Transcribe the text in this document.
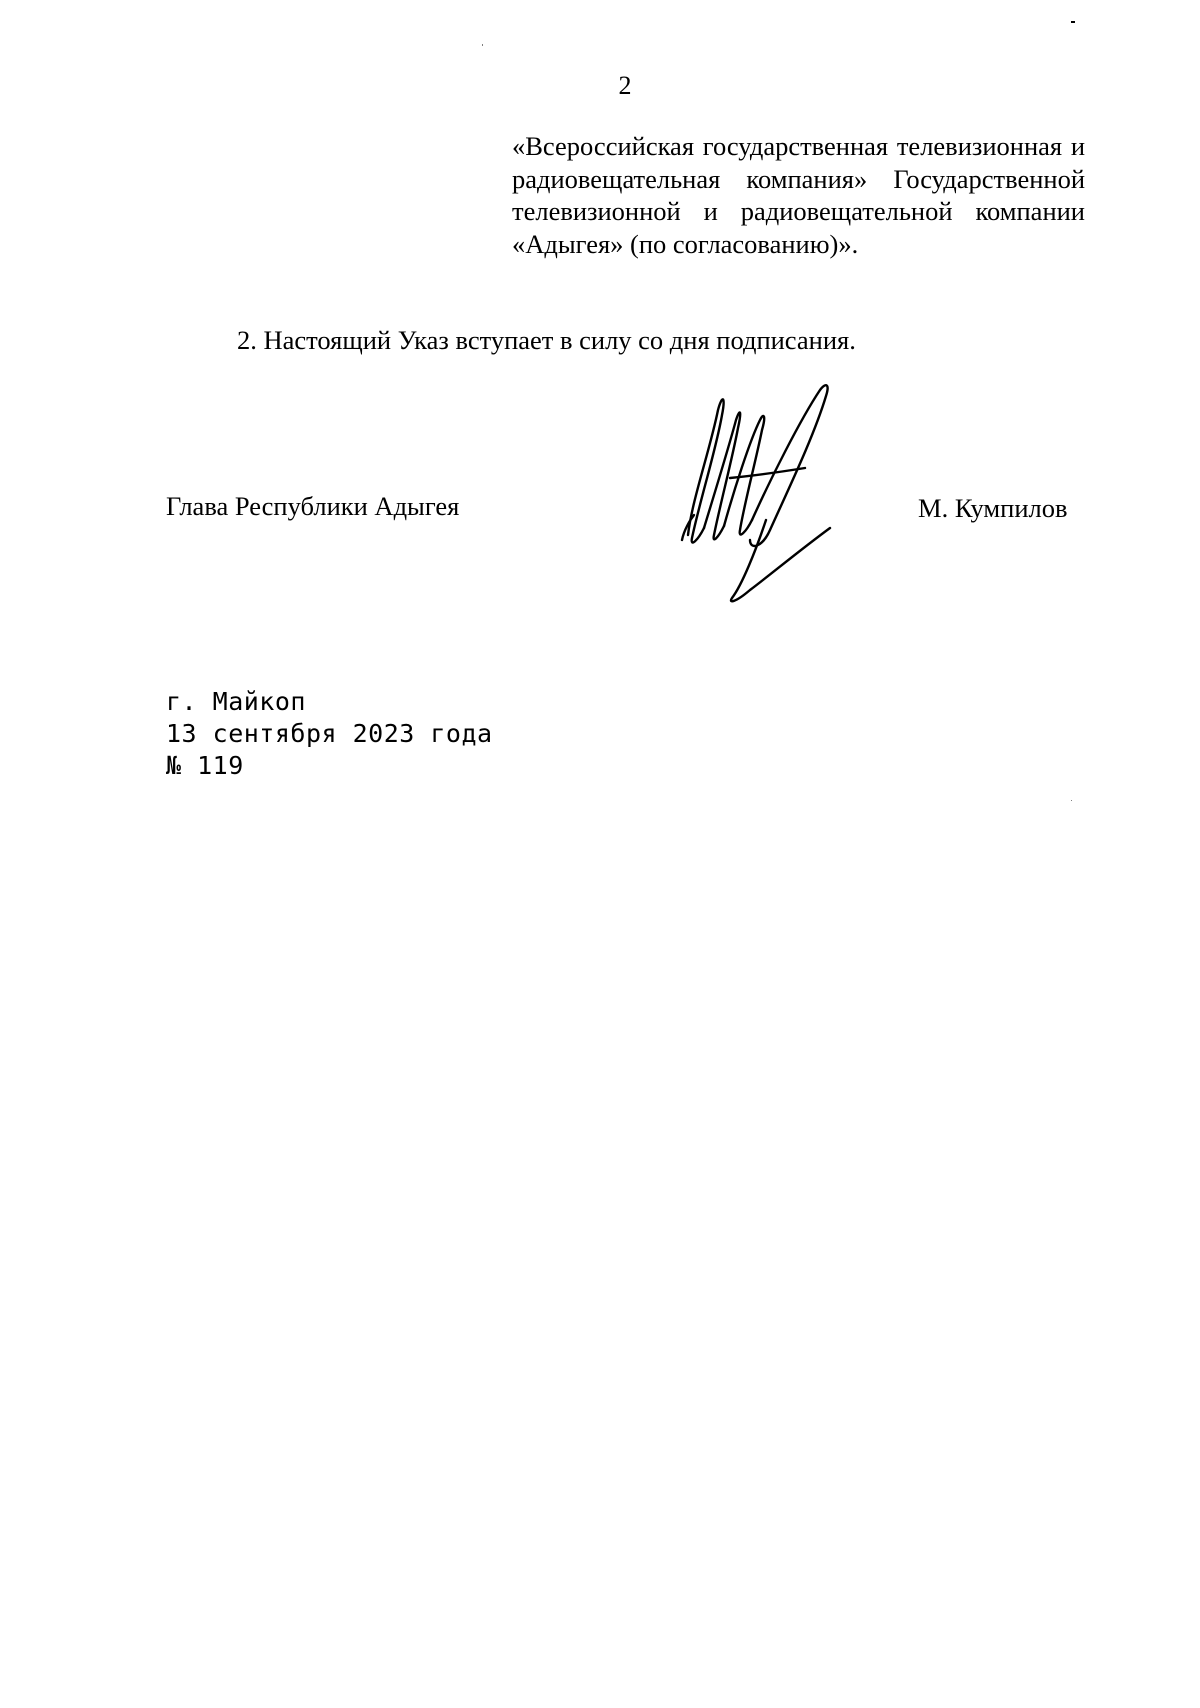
2
«Всероссийская государственная телевизионная и радиовещательная компания» Государственной телевизионной и радиовещательной компании «Адыгея» (по согласованию)».
2. Настоящий Указ вступает в силу со дня подписания.
Глава Республики Адыгея	М. Кумпилов
г. Майкоп
13 сентября 2023 года
№ 119
